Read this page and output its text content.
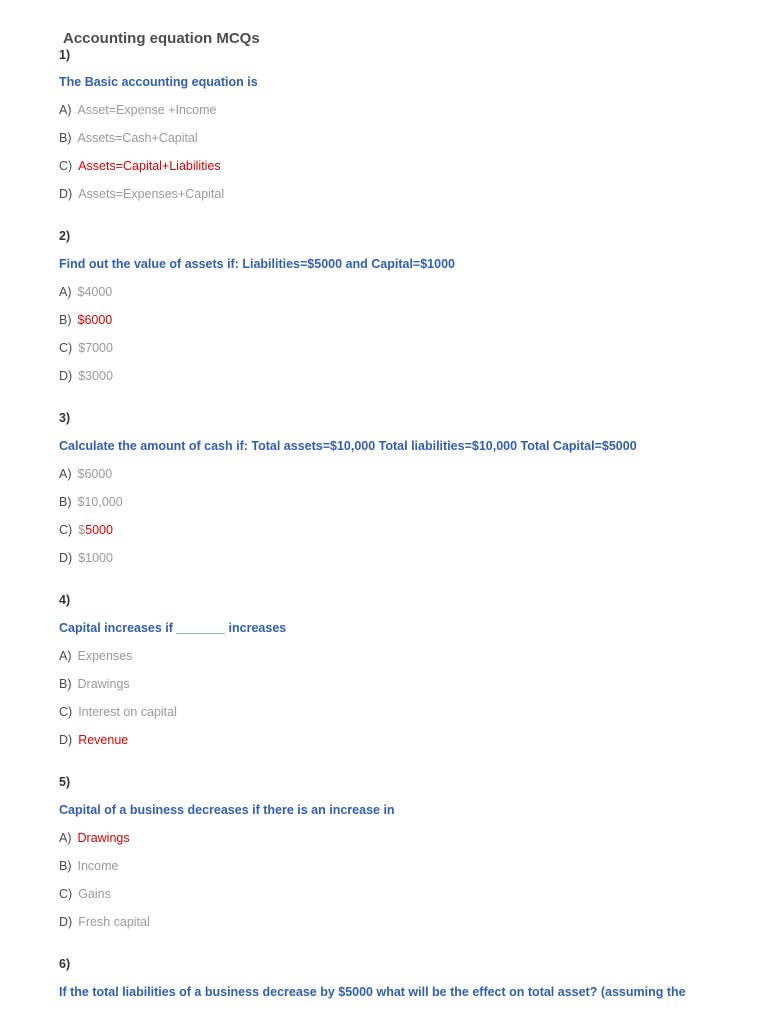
Accounting equation MCQs
1)
The Basic accounting equation is
A) Asset=Expense +Income
B) Assets=Cash+Capital
C) Assets=Capital+Liabilities
D) Assets=Expenses+Capital
2)
Find out the value of assets if: Liabilities=$5000 and Capital=$1000
A) $4000
B) $6000
C) $7000
D) $3000
3)
Calculate the amount of cash if: Total assets=$10,000 Total liabilities=$10,000 Total Capital=$5000
A) $6000
B) $10,000
C) $5000
D) $1000
4)
Capital increases if _______ increases
A) Expenses
B) Drawings
C) Interest on capital
D) Revenue
5)
Capital of a business decreases if there is an increase in
A) Drawings
B) Income
C) Gains
D) Fresh capital
6)
If the total liabilities of a business decrease by $5000 what will be the effect on total asset? (assuming the
